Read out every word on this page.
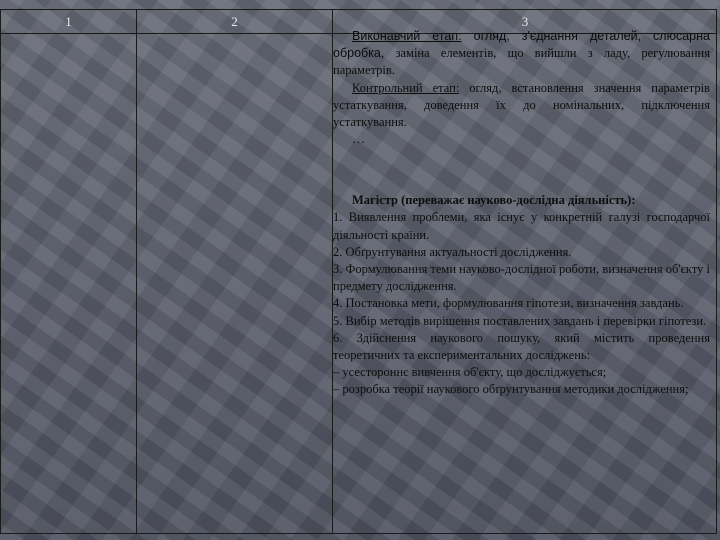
1	2	3

Виконавчий етап: огляд, з'єднання деталей, слюсарна обробка, заміна елементів, що вийшли з ладу, регулювання параметрів.

Контрольний етап: огляд, встановлення значення параметрів устаткування, доведення їх до номінальних, підключення устаткування.

…

Магістр (переважає науково-дослідна діяльність):

1. Виявлення проблеми, яка існує у конкретній галузі господарчої діяльності країни.

2. Обґрунтування актуальності дослідження.

3. Формулювання теми науково-дослідної роботи, визначення об'єкту і предмету дослідження.

4. Постановка мети, формулювання гіпотези, визначення завдань.

5. Вибір методів вирішення поставлених завдань і перевірки гіпотези.

6. Здійснення наукового пошуку, який містить проведення теоретичних та експериментальних досліджень:

– усестороннє вивчення об'єкту, що досліджується;

– розробка теорії наукового обґрунтування методики дослідження;
